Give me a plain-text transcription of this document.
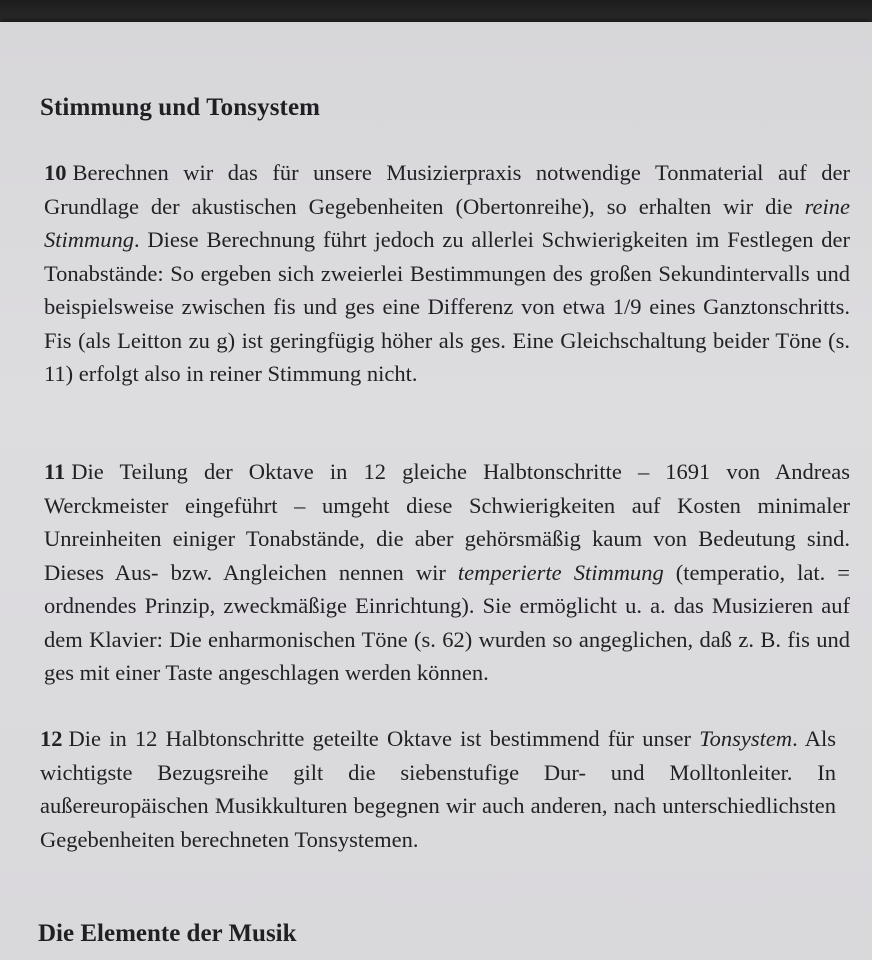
Stimmung und Tonsystem

10 Berechnen wir das für unsere Musizierpraxis notwendige Tonmaterial auf der Grundlage der akustischen Gegebenheiten (Obertonreihe), so erhalten wir die reine Stimmung. Diese Berechnung führt jedoch zu allerlei Schwierigkeiten im Festlegen der Tonabstände: So ergeben sich zweierlei Bestimmungen des großen Sekundintervalls und beispielsweise zwischen fis und ges eine Differenz von etwa 1/9 eines Ganztonschritts. Fis (als Leitton zu g) ist geringfügig höher als ges. Eine Gleichschaltung beider Töne (s. 11) erfolgt also in reiner Stimmung nicht.

11 Die Teilung der Oktave in 12 gleiche Halbtonschritte – 1691 von Andreas Werckmeister eingeführt – umgeht diese Schwierigkeiten auf Kosten minimaler Unreinheiten einiger Tonabstände, die aber gehörsmäßig kaum von Bedeutung sind. Dieses Aus- bzw. Angleichen nennen wir temperierte Stimmung (temperatio, lat. = ordnendes Prinzip, zweckmäßige Einrichtung). Sie ermöglicht u. a. das Musizieren auf dem Klavier: Die enharmonischen Töne (s. 62) wurden so angeglichen, daß z. B. fis und ges mit einer Taste angeschlagen werden können.

12 Die in 12 Halbtonschritte geteilte Oktave ist bestimmend für unser Tonsystem. Als wichtigste Bezugsreihe gilt die siebenstufige Dur- und Molltonleiter. In außereuropäischen Musikkulturen begegnen wir auch anderen, nach unterschiedlichsten Gegebenheiten berechneten Tonsystemen.

Die Elemente der Musik
